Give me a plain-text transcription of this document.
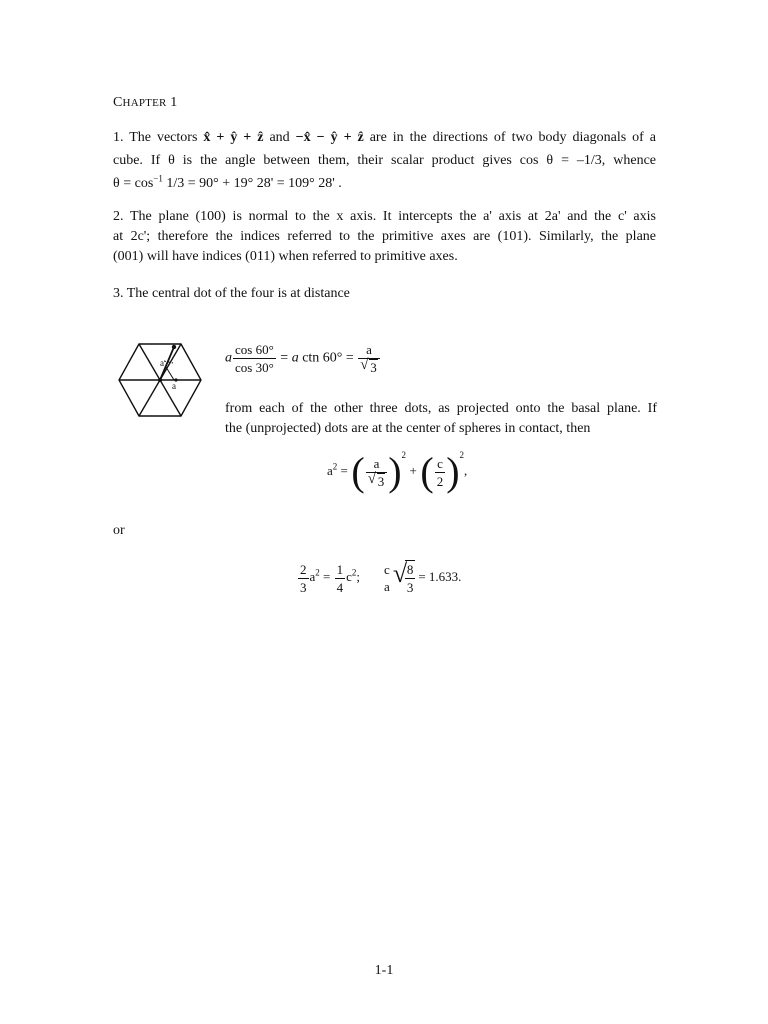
CHAPTER 1
1. The vectors x̂ + ŷ + ẑ and −x̂ − ŷ + ẑ are in the directions of two body diagonals of a
cube. If θ is the angle between them, their scalar product gives cos θ = –1/3, whence
$\theta = \cos^{-1} 1/3 = 90^\circ + 19^\circ$ 28' = 109° 28' .
2. The plane (100) is normal to the x axis. It intercepts the a' axis at 2a' and the c' axis
at 2c'; therefore the indices referred to the primitive axes are (101). Similarly, the plane
(001) will have indices (011) when referred to primitive axes.
3. The central dot of the four is at distance
a
a
a $\frac{\cos 60^\circ}{\cos 30^\circ} = a$ ctn $60^\circ = \frac{a}{√ 3}$
from each of the other three dots, as projected onto the basal plane. If
the (unprojected) dots are at the center of spheres in contact, then
$a^2$ = ( $\frac{a}{√ 3} )^2$ + ( $\frac{c}{2} )^2$,
or
$\frac{2}{3} a^2 = \frac{1}{4} c^2$; c
a √
$\frac{8}{3} = 1.633$.
1-1
